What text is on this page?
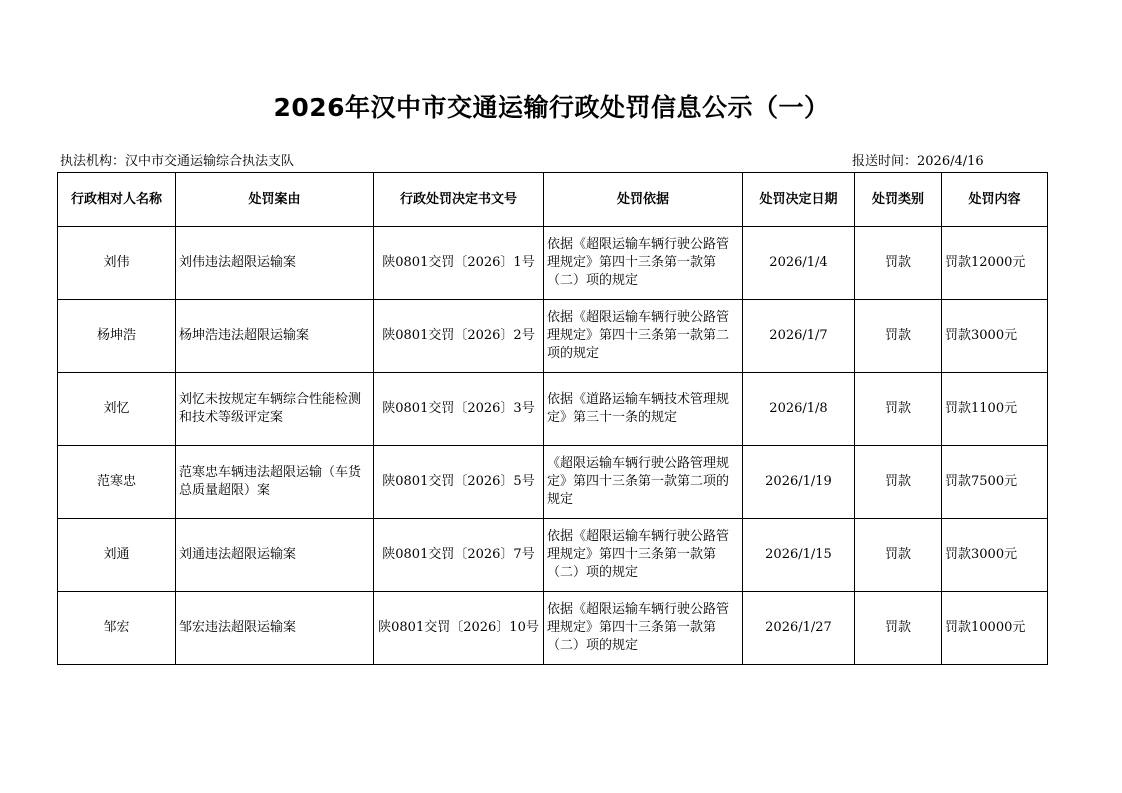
2026年汉中市交通运输行政处罚信息公示（一）
执法机构：汉中市交通运输综合执法支队	报送时间：2026/4/16
行政相对人名称	处罚案由	行政处罚决定书文号	处罚依据	处罚决定日期	处罚类别	处罚内容
刘伟	刘伟违法超限运输案	陕0801交罚〔2026〕1号	依据《超限运输车辆行驶公路管理规定》第四十三条第一款第（二）项的规定	2026/1/4	罚款	罚款12000元
杨坤浩	杨坤浩违法超限运输案	陕0801交罚〔2026〕2号	依据《超限运输车辆行驶公路管理规定》第四十三条第一款第二项的规定	2026/1/7	罚款	罚款3000元
刘忆	刘忆未按规定车辆综合性能检测和技术等级评定案	陕0801交罚〔2026〕3号	依据《道路运输车辆技术管理规定》第三十一条的规定	2026/1/8	罚款	罚款1100元
范寒忠	范寒忠车辆违法超限运输（车货总质量超限）案	陕0801交罚〔2026〕5号	《超限运输车辆行驶公路管理规定》第四十三条第一款第二项的规定	2026/1/19	罚款	罚款7500元
刘通	刘通违法超限运输案	陕0801交罚〔2026〕7号	依据《超限运输车辆行驶公路管理规定》第四十三条第一款第（二）项的规定	2026/1/15	罚款	罚款3000元
邹宏	邹宏违法超限运输案	陕0801交罚〔2026〕10号	依据《超限运输车辆行驶公路管理规定》第四十三条第一款第（二）项的规定	2026/1/27	罚款	罚款10000元
